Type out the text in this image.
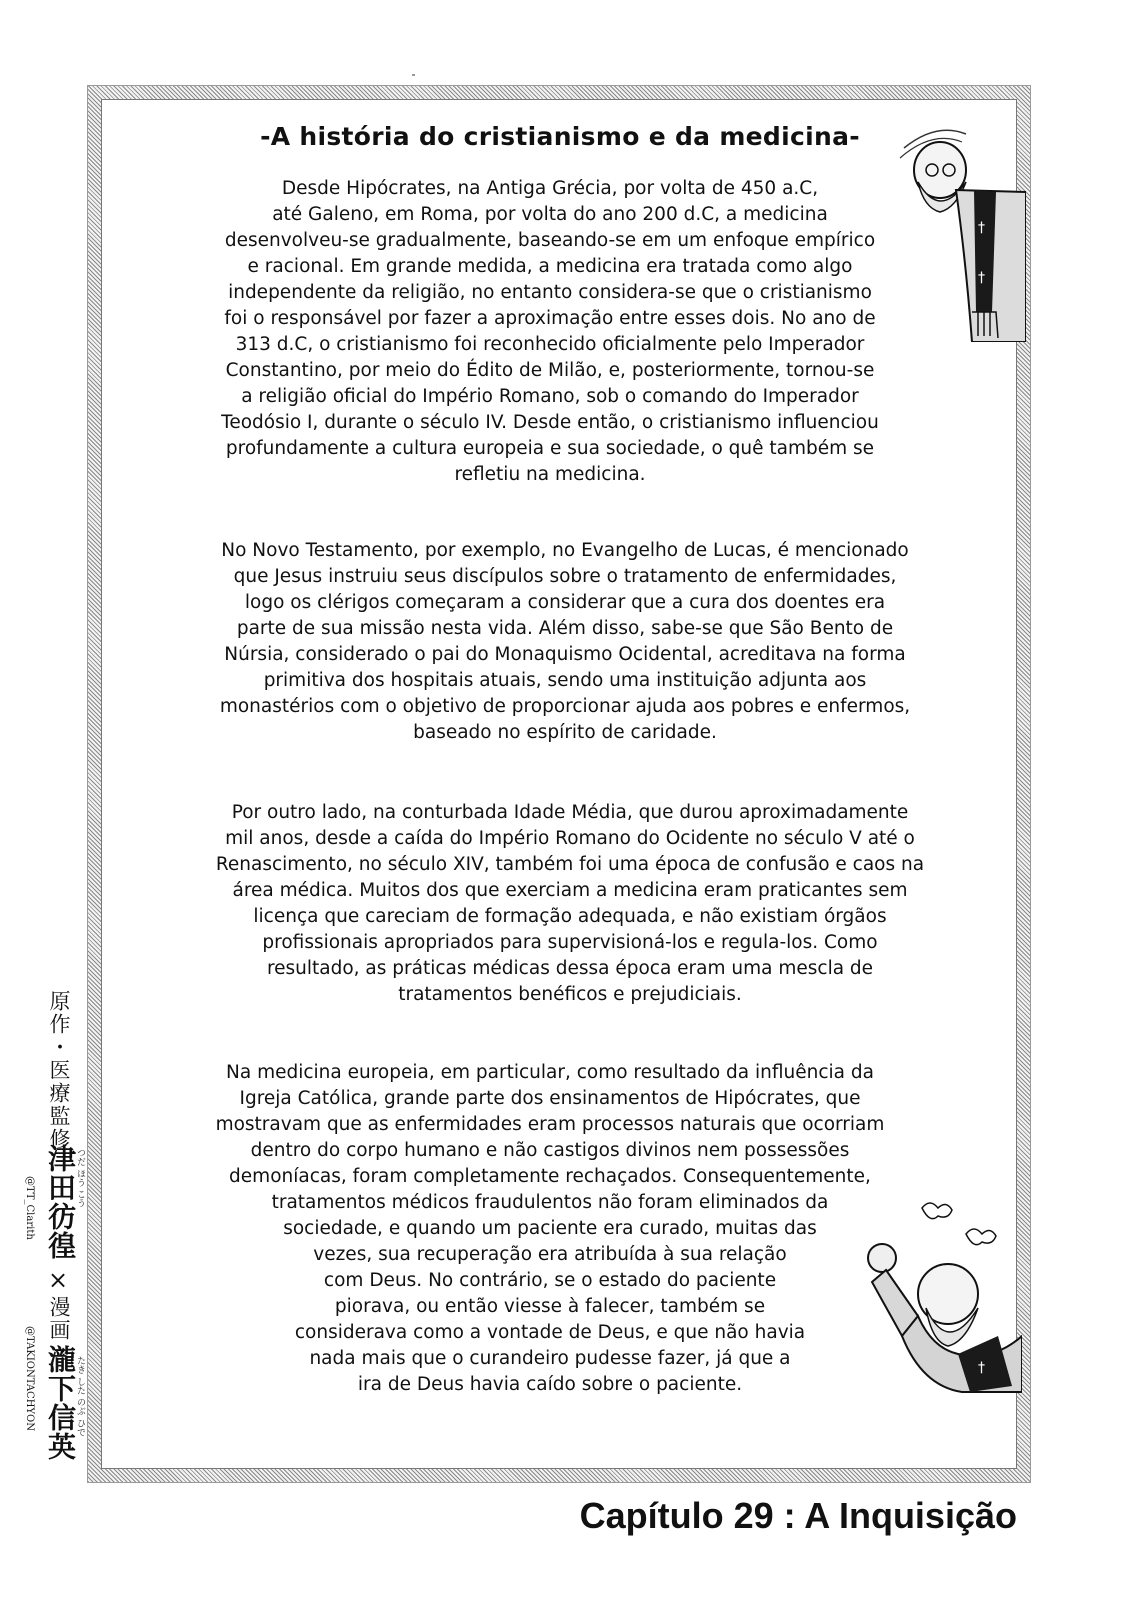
-A história do cristianismo e da medicina-
Desde Hipócrates, na Antiga Grécia, por volta de 450 a.C,
até Galeno, em Roma, por volta do ano 200 d.C, a medicina
desenvolveu-se gradualmente, baseando-se em um enfoque empírico
e racional. Em grande medida, a medicina era tratada como algo
independente da religião, no entanto considera-se que o cristianismo
foi o responsável por fazer a aproximação entre esses dois. No ano de
313 d.C, o cristianismo foi reconhecido oficialmente pelo Imperador
Constantino, por meio do Édito de Milão, e, posteriormente, tornou-se
a religião oficial do Império Romano, sob o comando do Imperador
Teodósio I, durante o século IV. Desde então, o cristianismo influenciou
profundamente a cultura europeia e sua sociedade, o quê também se
refletiu na medicina.
No Novo Testamento, por exemplo, no Evangelho de Lucas, é mencionado
que Jesus instruiu seus discípulos sobre o tratamento de enfermidades,
logo os clérigos começaram a considerar que a cura dos doentes era
parte de sua missão nesta vida. Além disso, sabe-se que São Bento de
Núrsia, considerado o pai do Monaquismo Ocidental, acreditava na forma
primitiva dos hospitais atuais, sendo uma instituição adjunta aos
monastérios com o objetivo de proporcionar ajuda aos pobres e enfermos,
baseado no espírito de caridade.
Por outro lado, na conturbada Idade Média, que durou aproximadamente
mil anos, desde a caída do Império Romano do Ocidente no século V até o
Renascimento, no século XIV, também foi uma época de confusão e caos na
área médica. Muitos dos que exerciam a medicina eram praticantes sem
licença que careciam de formação adequada, e não existiam órgãos
profissionais apropriados para supervisioná-los e regula-los. Como
resultado, as práticas médicas dessa época eram uma mescla de
tratamentos benéficos e prejudiciais.
Na medicina europeia, em particular, como resultado da influência da
Igreja Católica, grande parte dos ensinamentos de Hipócrates, que
mostravam que as enfermidades eram processos naturais que ocorriam
dentro do corpo humano e não castigos divinos nem possessões
demoníacas, foram completamente rechaçados. Consequentemente,
tratamentos médicos fraudulentos não foram eliminados da
sociedade, e quando um paciente era curado, muitas das
vezes, sua recuperação era atribuída à sua relação
com Deus. No contrário, se o estado do paciente
piorava, ou então viesse à falecer, também se
considerava como a vontade de Deus, e que não havia
nada mais que o curandeiro pudesse fazer, já que a
ira de Deus havia caído sobre o paciente.
†
†
†
原作・医療監修
津田彷徨
つだ ほう こう
@TT_Clarith
×
漫画
瀧下信英
たき した のぶ ひで
@TAKIONTACHYON
Capítulo 29 : A Inquisição
